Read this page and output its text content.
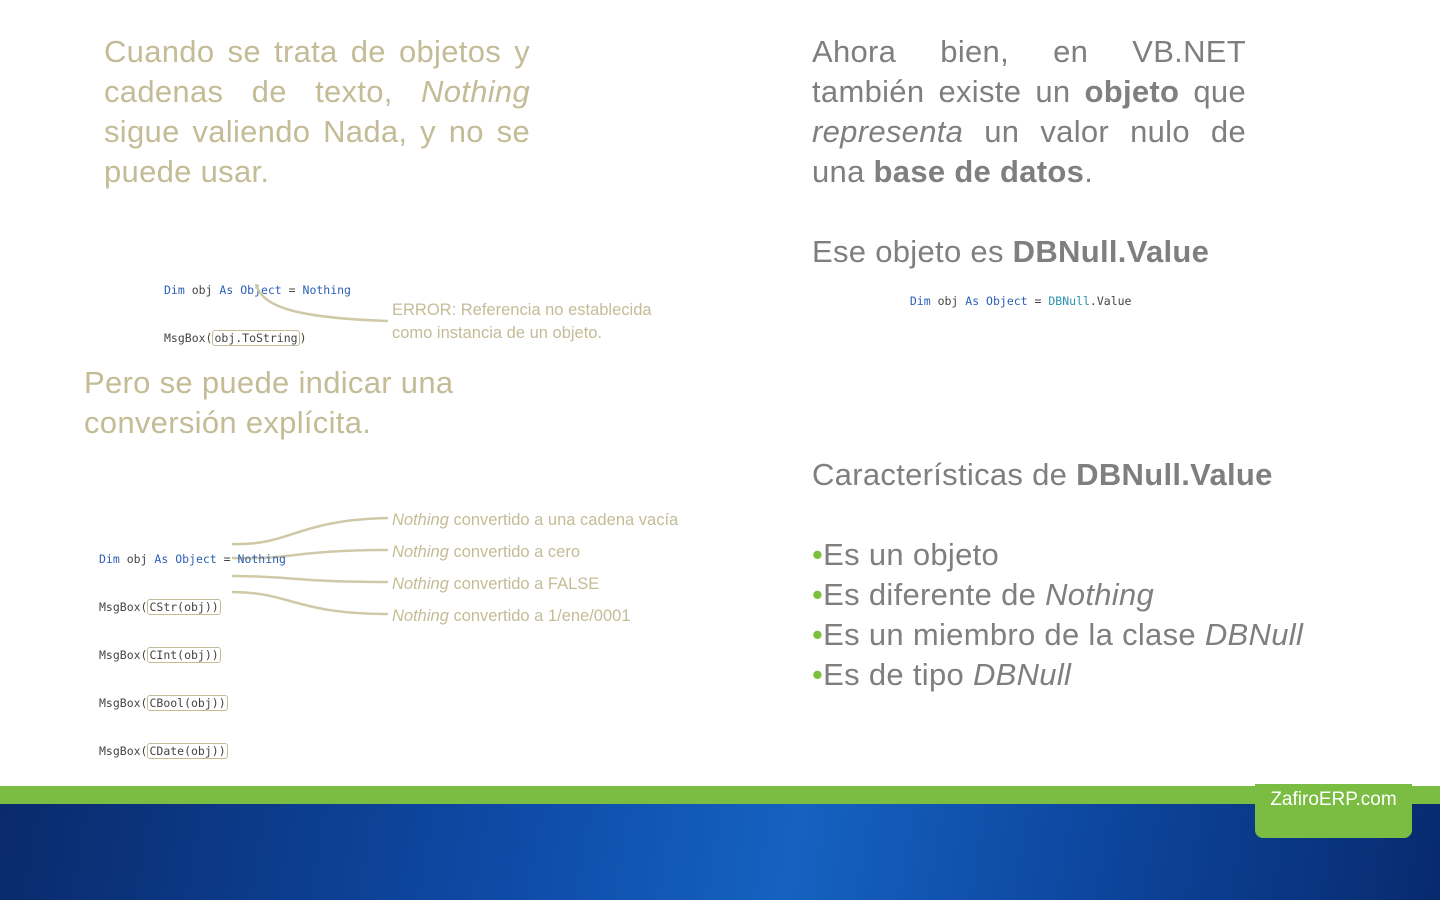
Cuando se trata de objetos y cadenas de texto, Nothing sigue valiendo Nada, y no se puede usar.

Dim obj As Object = Nothing

MsgBox( obj.ToString )

ERROR: Referencia no establecida como instancia de un objeto.
Pero se puede indicar una conversión explícita.

Dim obj As Object = Nothing

MsgBox( CStr(obj))

MsgBox( CInt(obj))

MsgBox( CBool(obj))

MsgBox( CDate(obj))

Nothing convertido a una cadena vacía
Nothing convertido a cero
Nothing convertido a FALSE
Nothing convertido a 1/ene/0001
Ahora bien, en VB.NET también existe un objeto que representa un valor nulo de una base de datos.
Ese objeto es DBNull.Value

Dim obj As Object = DBNull.Value

Características de DBNull.Value
•Es un objeto
•Es diferente de Nothing
•Es un miembro de la clase DBNull
•Es de tipo DBNull
ZafiroERP.com
